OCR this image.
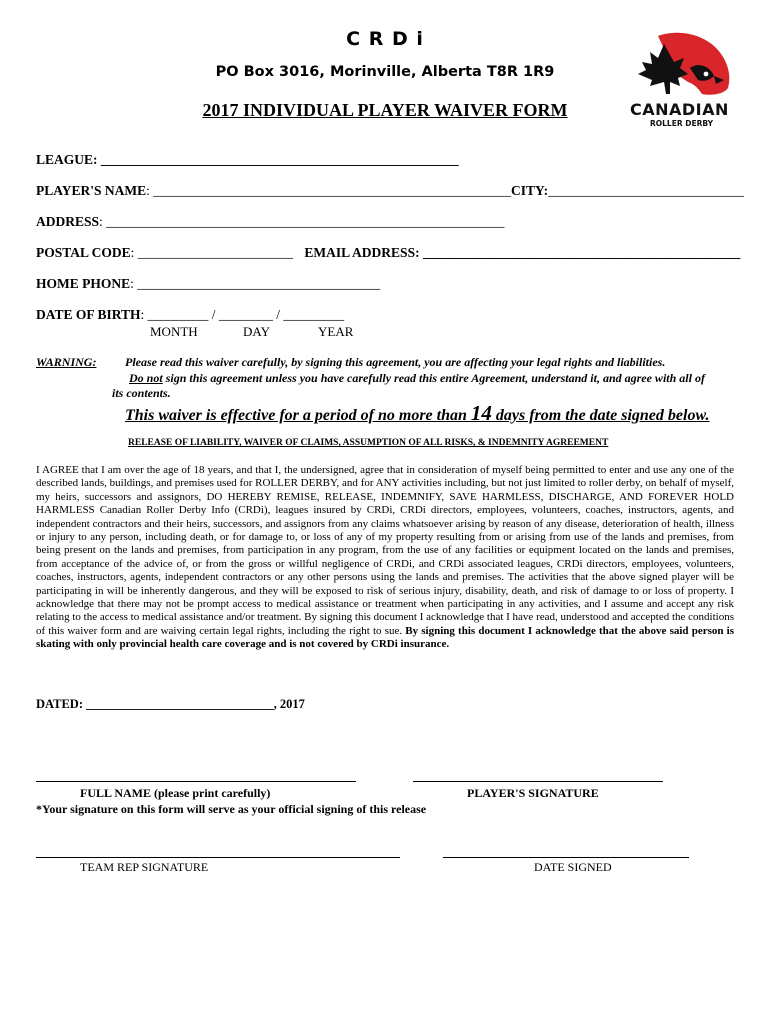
C R D i
PO Box 3016, Morinville, Alberta T8R 1R9
2017 INDIVIDUAL PLAYER WAIVER FORM	CANADIAN
ROLLER DERBY
LEAGUE: _____________________________________________________
PLAYER'S NAME: _____________________________________________________CITY:_____________________________
ADDRESS: ___________________________________________________________
POSTAL CODE: _______________________ EMAIL ADDRESS: _______________________________________________
HOME PHONE: ____________________________________
DATE OF BIRTH: _________ / ________ / _________
MONTH	DAY	YEAR
WARNING: Please read this waiver carefully, by signing this agreement, you are affecting your legal rights and liabilities.
Do not sign this agreement unless you have carefully read this entire Agreement, understand it, and agree with all of
its contents.
This waiver is effective for a period of no more than 14 days from the date signed below.
RELEASE OF LIABILITY, WAIVER OF CLAIMS, ASSUMPTION OF ALL RISKS, & INDEMNITY AGREEMENT
I AGREE that I am over the age of 18 years, and that I, the undersigned, agree that in consideration of myself being permitted to enter and use any one of the described lands, buildings, and premises used for ROLLER DERBY, and for ANY activities including, but not just limited to roller derby, on behalf of myself, my heirs, successors and assignors, DO HEREBY REMISE, RELEASE, INDEMNIFY, SAVE HARMLESS, DISCHARGE, AND FOREVER HOLD HARMLESS Canadian Roller Derby Info (CRDi), leagues insured by CRDi, CRDi directors, employees, volunteers, coaches, instructors, agents, and independent contractors and their heirs, successors, and assignors from any claims whatsoever arising by reason of any disease, deterioration of health, illness or injury to any person, including death, or for damage to, or loss of any of my property resulting from or arising from use of the lands and premises, from being present on the lands and premises, from participation in any program, from the use of any facilities or equipment located on the lands and premises, from acceptance of the advice of, or from the gross or willful negligence of CRDi, and CRDi associated leagues, CRDi directors, employees, volunteers, coaches, instructors, agents, independent contractors or any other persons using the lands and premises. The activities that the above signed player will be participating in will be inherently dangerous, and they will be exposed to risk of serious injury, disability, death, and risk of damage to or loss of property. I acknowledge that there may not be prompt access to medical assistance or treatment when participating in any activities, and I assume and accept any risk relating to the access to medical assistance and/or treatment. By signing this document I acknowledge that I have read, understood and accepted the conditions of this waiver form and are waiving certain legal rights, including the right to sue. By signing this document I acknowledge that the above said person is skating with only provincial health care coverage and is not covered by CRDi insurance.
DATED: ______________________________, 2017
FULL NAME (please print carefully)	PLAYER'S SIGNATURE
*Your signature on this form will serve as your official signing of this release
TEAM REP SIGNATURE	DATE SIGNED
